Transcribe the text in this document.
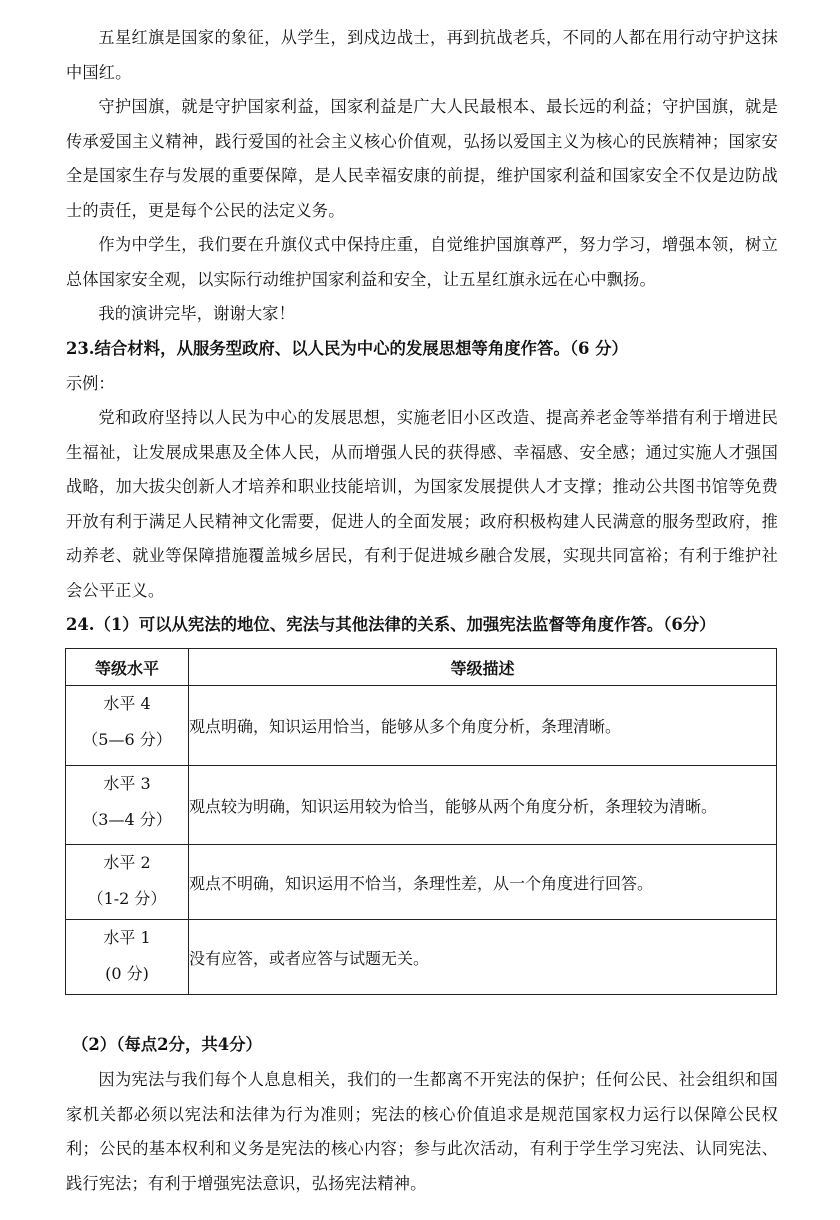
五星红旗是国家的象征，从学生，到戍边战士，再到抗战老兵，不同的人都在用行动守护这抹中国红。

守护国旗，就是守护国家利益，国家利益是广大人民最根本、最长远的利益；守护国旗，就是传承爱国主义精神，践行爱国的社会主义核心价值观，弘扬以爱国主义为核心的民族精神；国家安全是国家生存与发展的重要保障，是人民幸福安康的前提，维护国家利益和国家安全不仅是边防战士的责任，更是每个公民的法定义务。

作为中学生，我们要在升旗仪式中保持庄重，自觉维护国旗尊严，努力学习，增强本领，树立总体国家安全观，以实际行动维护国家利益和安全，让五星红旗永远在心中飘扬。

我的演讲完毕，谢谢大家！

23.结合材料，从服务型政府、以人民为中心的发展思想等角度作答。（6 分）

示例：

党和政府坚持以人民为中心的发展思想，实施老旧小区改造、提高养老金等举措有利于增进民生福祉，让发展成果惠及全体人民，从而增强人民的获得感、幸福感、安全感；通过实施人才强国战略，加大拔尖创新人才培养和职业技能培训，为国家发展提供人才支撑；推动公共图书馆等免费开放有利于满足人民精神文化需要，促进人的全面发展；政府积极构建人民满意的服务型政府，推动养老、就业等保障措施覆盖城乡居民，有利于促进城乡融合发展，实现共同富裕；有利于维护社会公平正义。

24.（1）可以从宪法的地位、宪法与其他法律的关系、加强宪法监督等角度作答。（6分）

等级水平	等级描述

水平 4
（5—6 分）	观点明确，知识运用恰当，能够从多个角度分析，条理清晰。

水平 3
（3—4 分）	观点较为明确，知识运用较为恰当，能够从两个角度分析，条理较为清晰。

水平 2
（1-2 分）	观点不明确，知识运用不恰当，条理性差，从一个角度进行回答。

水平 1
(0 分)	没有应答，或者应答与试题无关。

（2）（每点2分，共4分）

因为宪法与我们每个人息息相关，我们的一生都离不开宪法的保护；任何公民、社会组织和国家机关都必须以宪法和法律为行为准则；宪法的核心价值追求是规范国家权力运行以保障公民权利；公民的基本权利和义务是宪法的核心内容；参与此次活动，有利于学生学习宪法、认同宪法、践行宪法；有利于增强宪法意识，弘扬宪法精神。
